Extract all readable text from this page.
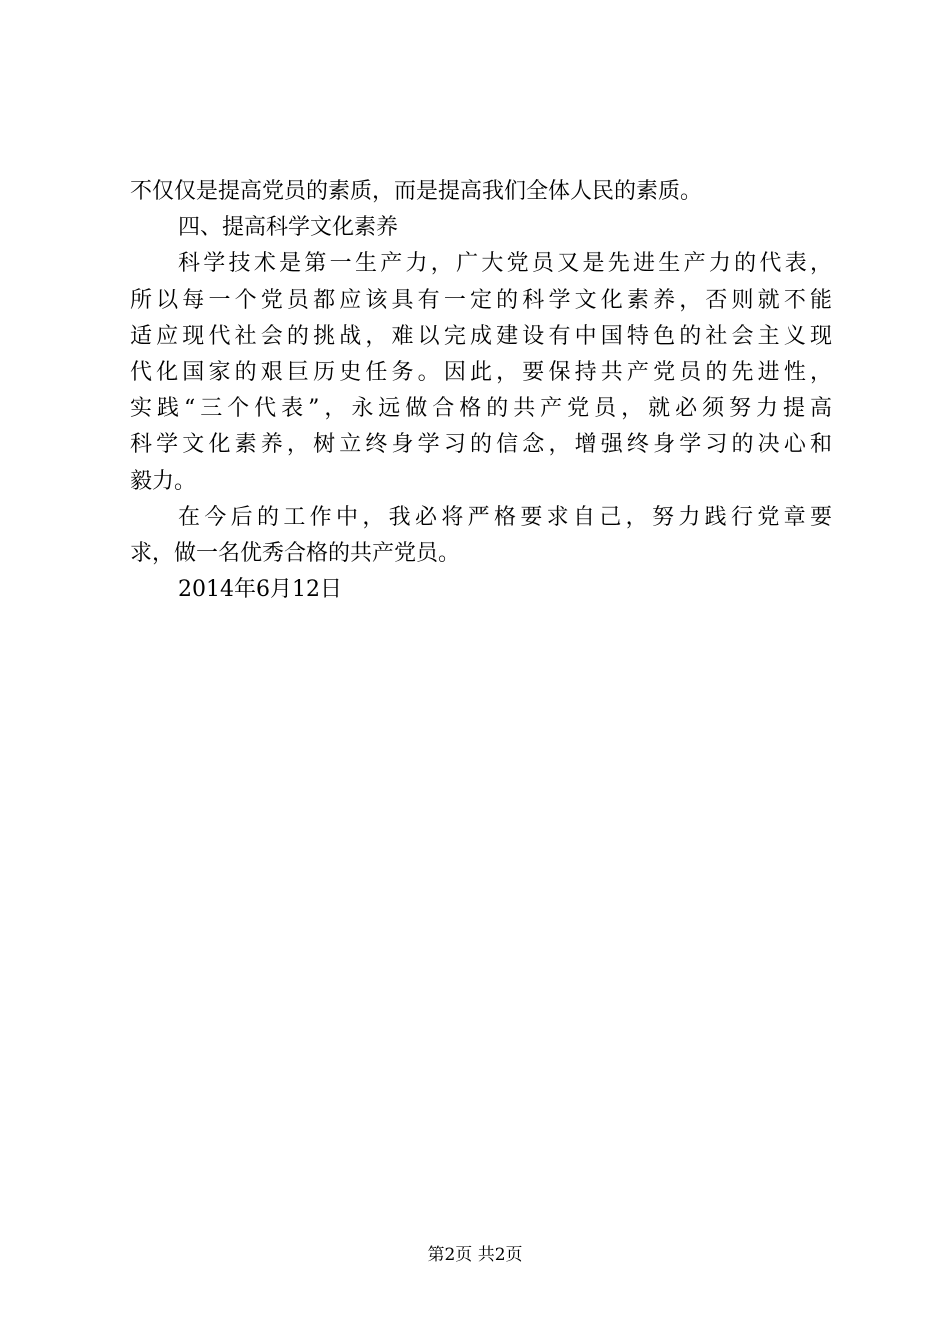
不仅仅是提高党员的素质，而是提高我们全体人民的素质。
四、提高科学文化素养
科学技术是第一生产力，广大党员又是先进生产力的代表，
所以每一个党员都应该具有一定的科学文化素养，否则就不能
适应现代社会的挑战，难以完成建设有中国特色的社会主义现
代化国家的艰巨历史任务。因此，要保持共产党员的先进性，
实践“三个代表”，永远做合格的共产党员，就必须努力提高
科学文化素养，树立终身学习的信念，增强终身学习的决心和
毅力。
在今后的工作中，我必将严格要求自己，努力践行党章要
求，做一名优秀合格的共产党员。
2014年6月12日
第2页 共2页
